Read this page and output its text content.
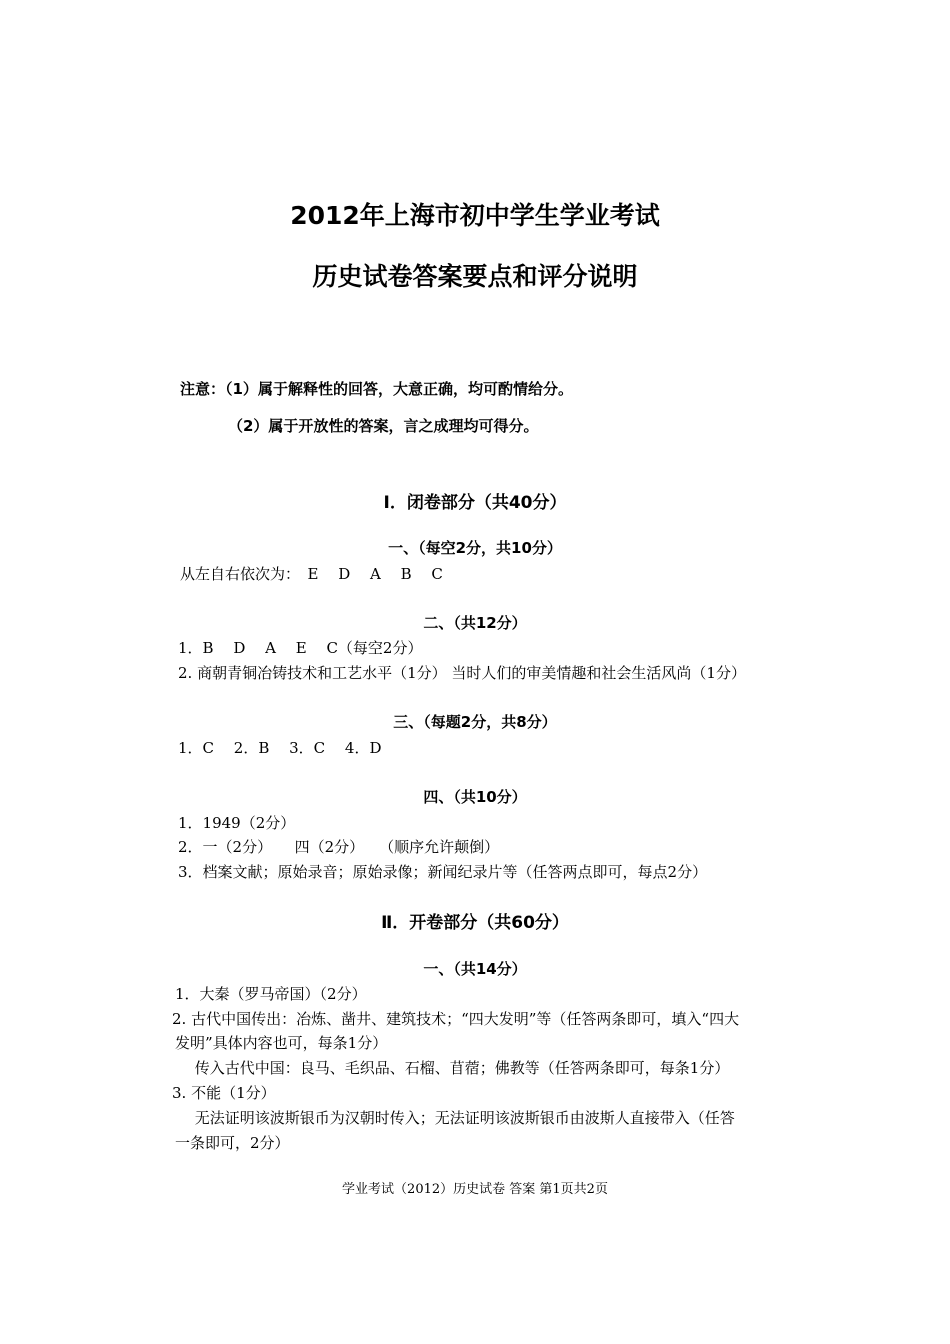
2012年上海市初中学生学业考试
历史试卷答案要点和评分说明
注意：（1）属于解释性的回答，大意正确，均可酌情给分。
（2）属于开放性的答案，言之成理均可得分。
Ⅰ．闭卷部分（共40分）
一、（每空2分，共10分）
从左自右依次为：　E　 D　 A　 B　 C
二、（共12分）
1．B　 D　 A　 E　 C（每空2分）
2. 商朝青铜冶铸技术和工艺水平（1分） 当时人们的审美情趣和社会生活风尚（1分）
三、（每题2分，共8分）
1．C　 2．B　 3．C　 4．D
四、（共10分）
1．1949（2分）
2．一（2分）　　四（2分）　　（顺序允许颠倒）
3．档案文献；原始录音；原始录像；新闻纪录片等（任答两点即可，每点2分）
Ⅱ．开卷部分（共60分）
一、（共14分）
1．大秦（罗马帝国）（2分）
2. 古代中国传出：冶炼、凿井、建筑技术；“四大发明”等（任答两条即可，填入“四大
发明”具体内容也可，每条1分）
　 传入古代中国：良马、毛织品、石榴、苜蓿；佛教等（任答两条即可，每条1分）
3. 不能（1分）
　 无法证明该波斯银币为汉朝时传入；无法证明该波斯银币由波斯人直接带入（任答
一条即可，2分）
学业考试（2012）历史试卷 答案 第1页共2页
